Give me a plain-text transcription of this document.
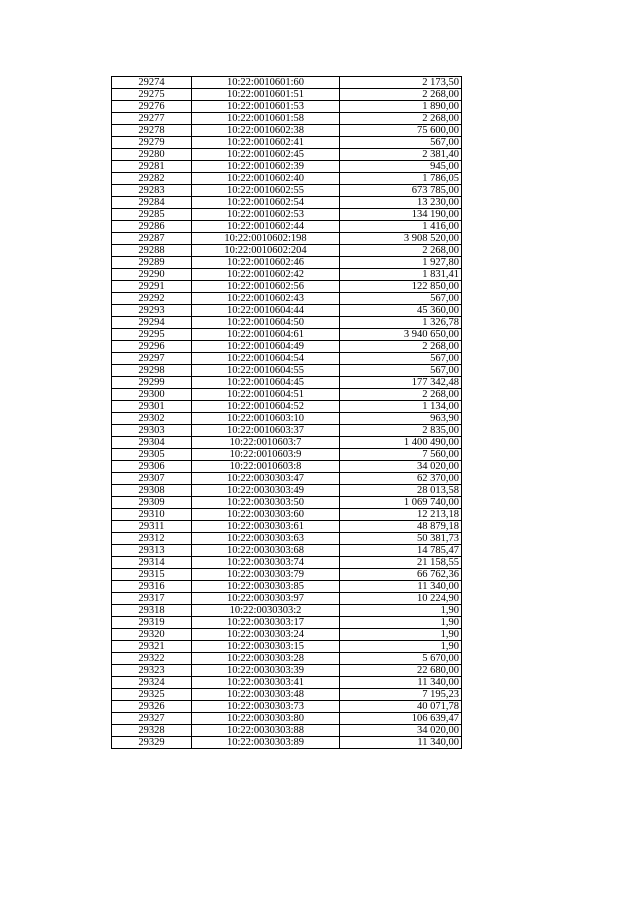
29274	10:22:0010601:60	2 173,50
29275	10:22:0010601:51	2 268,00
29276	10:22:0010601:53	1 890,00
29277	10:22:0010601:58	2 268,00
29278	10:22:0010602:38	75 600,00
29279	10:22:0010602:41	567,00
29280	10:22:0010602:45	2 381,40
29281	10:22:0010602:39	945,00
29282	10:22:0010602:40	1 786,05
29283	10:22:0010602:55	673 785,00
29284	10:22:0010602:54	13 230,00
29285	10:22:0010602:53	134 190,00
29286	10:22:0010602:44	1 416,00
29287	10:22:0010602:198	3 908 520,00
29288	10:22:0010602:204	2 268,00
29289	10:22:0010602:46	1 927,80
29290	10:22:0010602:42	1 831,41
29291	10:22:0010602:56	122 850,00
29292	10:22:0010602:43	567,00
29293	10:22:0010604:44	45 360,00
29294	10:22:0010604:50	1 326,78
29295	10:22:0010604:61	3 940 650,00
29296	10:22:0010604:49	2 268,00
29297	10:22:0010604:54	567,00
29298	10:22:0010604:55	567,00
29299	10:22:0010604:45	177 342,48
29300	10:22:0010604:51	2 268,00
29301	10:22:0010604:52	1 134,00
29302	10:22:0010603:10	963,90
29303	10:22:0010603:37	2 835,00
29304	10:22:0010603:7	1 400 490,00
29305	10:22:0010603:9	7 560,00
29306	10:22:0010603:8	34 020,00
29307	10:22:0030303:47	62 370,00
29308	10:22:0030303:49	28 013,58
29309	10:22:0030303:50	1 069 740,00
29310	10:22:0030303:60	12 213,18
29311	10:22:0030303:61	48 879,18
29312	10:22:0030303:63	50 381,73
29313	10:22:0030303:68	14 785,47
29314	10:22:0030303:74	21 158,55
29315	10:22:0030303:79	66 762,36
29316	10:22:0030303:85	11 340,00
29317	10:22:0030303:97	10 224,90
29318	10:22:0030303:2	1,90
29319	10:22:0030303:17	1,90
29320	10:22:0030303:24	1,90
29321	10:22:0030303:15	1,90
29322	10:22:0030303:28	5 670,00
29323	10:22:0030303:39	22 680,00
29324	10:22:0030303:41	11 340,00
29325	10:22:0030303:48	7 195,23
29326	10:22:0030303:73	40 071,78
29327	10:22:0030303:80	106 639,47
29328	10:22:0030303:88	34 020,00
29329	10:22:0030303:89	11 340,00
